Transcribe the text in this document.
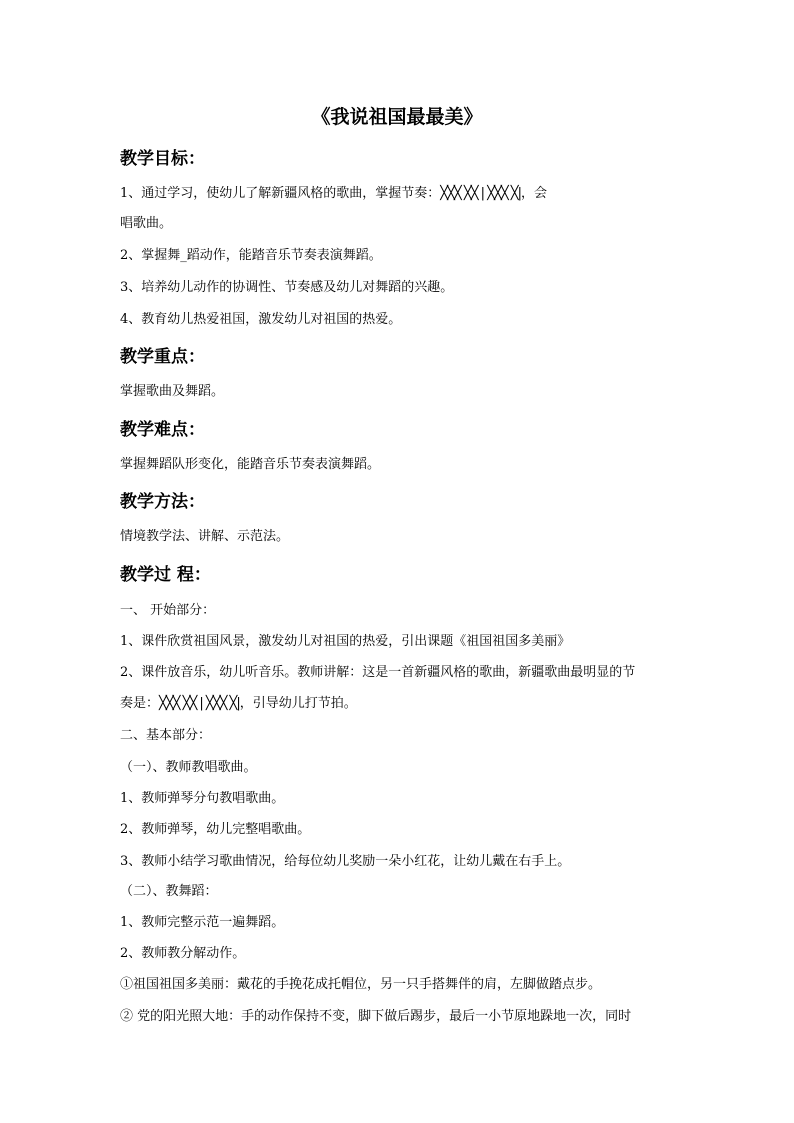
《我说祖国最最美》
教学目标：
1、通过学习，使幼儿了解新疆风格的歌曲，掌握节奏：╳╳╳ ╳╳ | ╳╳╳ ╳|，会
唱歌曲。
2、掌握舞_蹈动作，能踏音乐节奏表演舞蹈。
3、培养幼儿动作的协调性、节奏感及幼儿对舞蹈的兴趣。
4、教育幼儿热爱祖国，激发幼儿对祖国的热爱。
教学重点：
掌握歌曲及舞蹈。
教学难点：
掌握舞蹈队形变化，能踏音乐节奏表演舞蹈。
教学方法：
情境教学法、讲解、示范法。
教学过 程：
一、 开始部分：
1、课件欣赏祖国风景，激发幼儿对祖国的热爱，引出课题《祖国祖国多美丽》
2、课件放音乐，幼儿听音乐。教师讲解：这是一首新疆风格的歌曲，新疆歌曲最明显的节
奏是：╳╳╳ ╳╳ | ╳╳╳ ╳|，引导幼儿打节拍。
二、基本部分：
（一）、教师教唱歌曲。
1、教师弹琴分句教唱歌曲。
2、教师弹琴，幼儿完整唱歌曲。
3、教师小结学习歌曲情况，给每位幼儿奖励一朵小红花，让幼儿戴在右手上。
（二）、教舞蹈：
1、教师完整示范一遍舞蹈。
2、教师教分解动作。
①祖国祖国多美丽：戴花的手挽花成托帽位，另一只手搭舞伴的肩，左脚做踏点步。
② 党的阳光照大地：手的动作保持不变，脚下做后踢步，最后一小节原地跺地一次，同时
